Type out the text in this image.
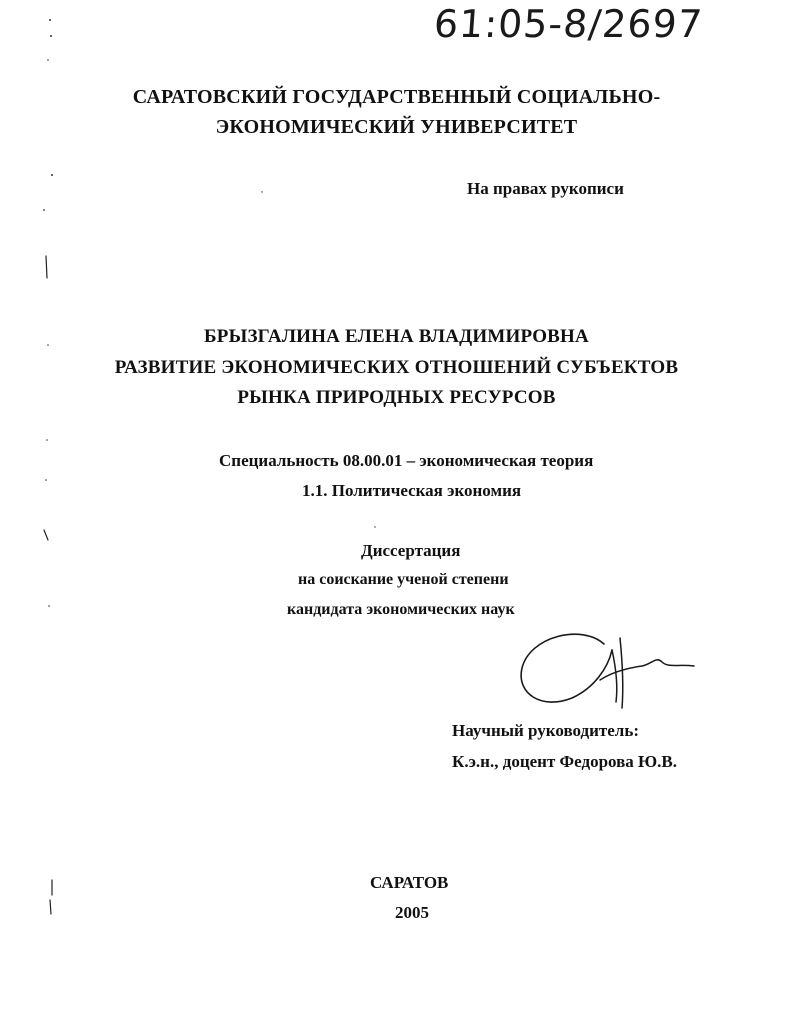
61:05-8/2697
САРАТОВСКИЙ ГОСУДАРСТВЕННЫЙ СОЦИАЛЬНО-
ЭКОНОМИЧЕСКИЙ УНИВЕРСИТЕТ
На правах рукописи
БРЫЗГАЛИНА ЕЛЕНА ВЛАДИМИРОВНА
РАЗВИТИЕ ЭКОНОМИЧЕСКИХ ОТНОШЕНИЙ СУБЪЕКТОВ
РЫНКА ПРИРОДНЫХ РЕСУРСОВ
Специальность 08.00.01 – экономическая теория
1.1. Политическая экономия
Диссертация
на соискание ученой степени
кандидата экономических наук
Научный руководитель:
К.э.н., доцент Федорова Ю.В.
САРАТОВ
2005
